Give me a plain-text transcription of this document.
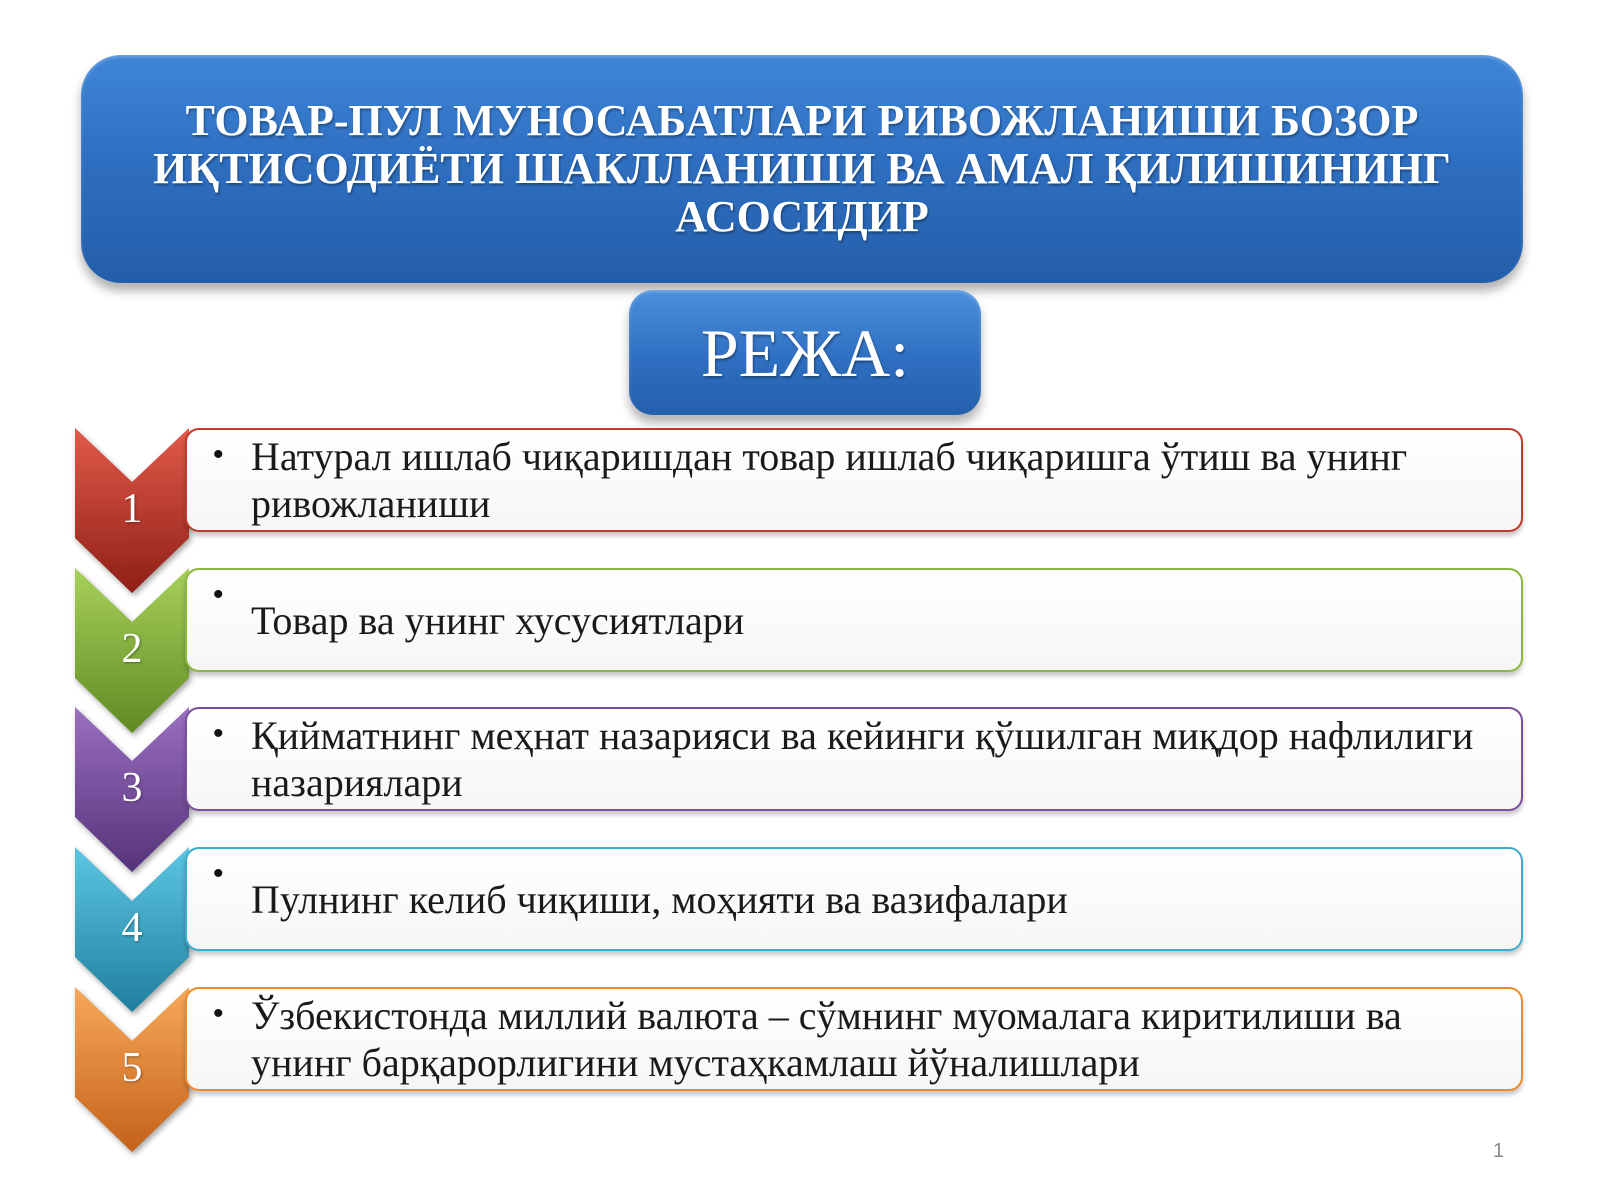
ТОВАР-ПУЛ МУНОСАБАТЛАРИ РИВОЖЛАНИШИ БОЗОР ИҚТИСОДИЁТИ ШАКЛЛАНИШИ ВА АМАЛ ҚИЛИШИНИНГ АСОСИДИР
РЕЖА:
1
• Натурал ишлаб чиқаришдан товар ишлаб чиқаришга ўтиш ва унинг ривожланиши
2
•
Товар ва унинг хусусиятлари
3
• Қийматнинг меҳнат назарияси ва кейинги қўшилган миқдор нафлилиги назариялари
4
•
Пулнинг келиб чиқиши, моҳияти ва вазифалари
5
• Ўзбекистонда миллий валюта – сўмнинг муомалага киритилиши ва унинг барқарорлигини мустаҳкамлаш йўналишлари
1
